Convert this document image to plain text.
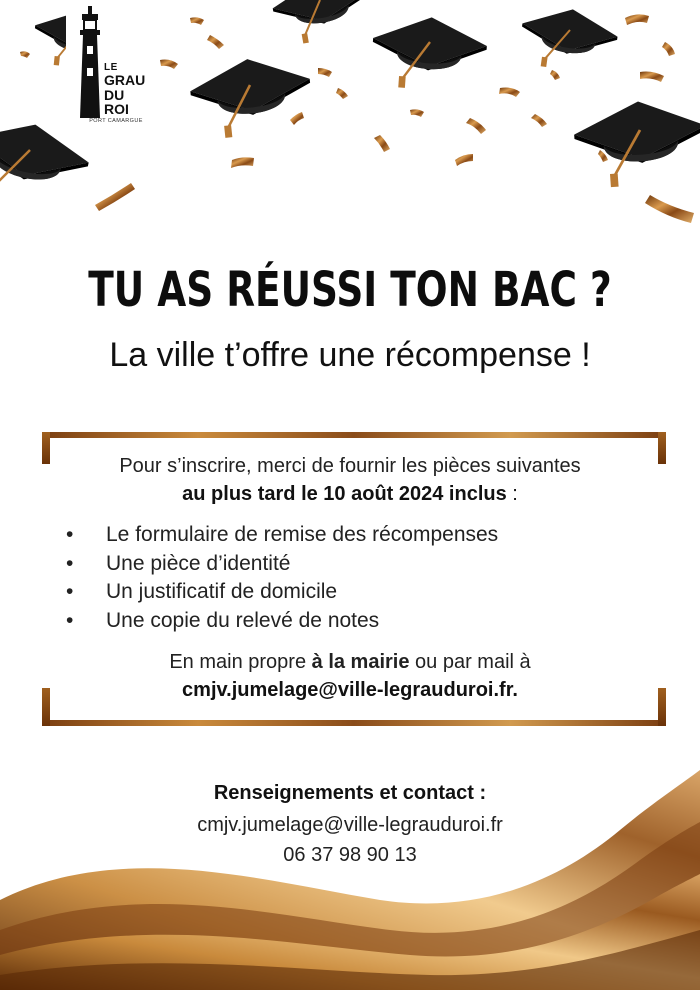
LE
GRAU
DU ROI
PORT CAMARGUE
TU AS RÉUSSI TON BAC ?
La ville t’offre une récompense !
Pour s’inscrire, merci de fournir les pièces suivantes
au plus tard le 10 août 2024 inclus :
• Le formulaire de remise des récompenses
• Une pièce d’identité
• Un justificatif de domicile
• Une copie du relevé de notes
En main propre à la mairie ou par mail à
cmjv.jumelage@ville-legrauduroi.fr.
Renseignements et contact :
cmjv.jumelage@ville-legrauduroi.fr
06 37 98 90 13
